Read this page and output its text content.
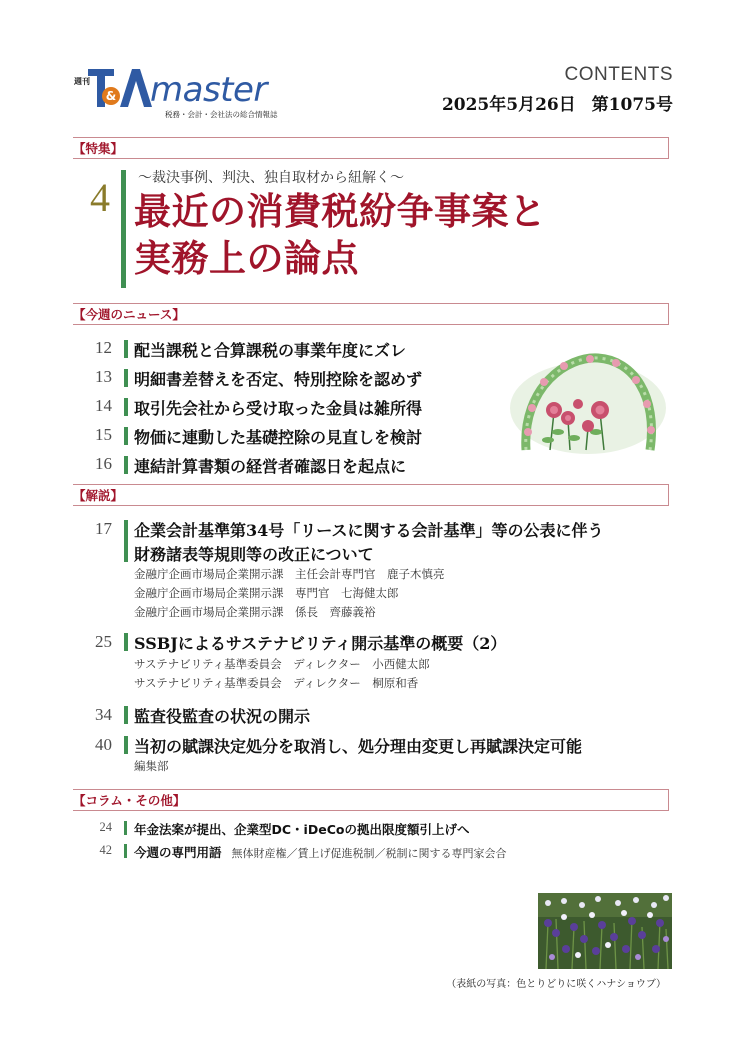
週刊
& master
税務・会計・会社法の総合情報誌
CONTENTS
2025年5月26日 第1075号
【特集】
4 ～裁決事例、判決、独自取材から紐解く～
最近の消費税紛争事案と
実務上の論点
【今週のニュース】
12 配当課税と合算課税の事業年度にズレ
13 明細書差替えを否定、特別控除を認めず
14 取引先会社から受け取った金員は雑所得
15 物価に連動した基礎控除の見直しを検討
16 連結計算書類の経営者確認日を起点に
【解説】
17 企業会計基準第34号「リースに関する会計基準」等の公表に伴う
財務諸表等規則等の改正について
金融庁企画市場局企業開示課　主任会計専門官　鹿子木慎亮
金融庁企画市場局企業開示課　専門官　七海健太郎
金融庁企画市場局企業開示課　係長　齊藤義裕
25 SSBJによるサステナビリティ開示基準の概要（2）
サステナビリティ基準委員会　ディレクター　小西健太郎
サステナビリティ基準委員会　ディレクター　桐原和香
34 監査役監査の状況の開示
40 当初の賦課決定処分を取消し、処分理由変更し再賦課決定可能
編集部
【コラム・その他】
24 年金法案が提出、企業型DC・iDeCoの拠出限度額引上げへ
42 今週の専門用語 無体財産権／賃上げ促進税制／税制に関する専門家会合
（表紙の写真：色とりどりに咲くハナショウブ）
